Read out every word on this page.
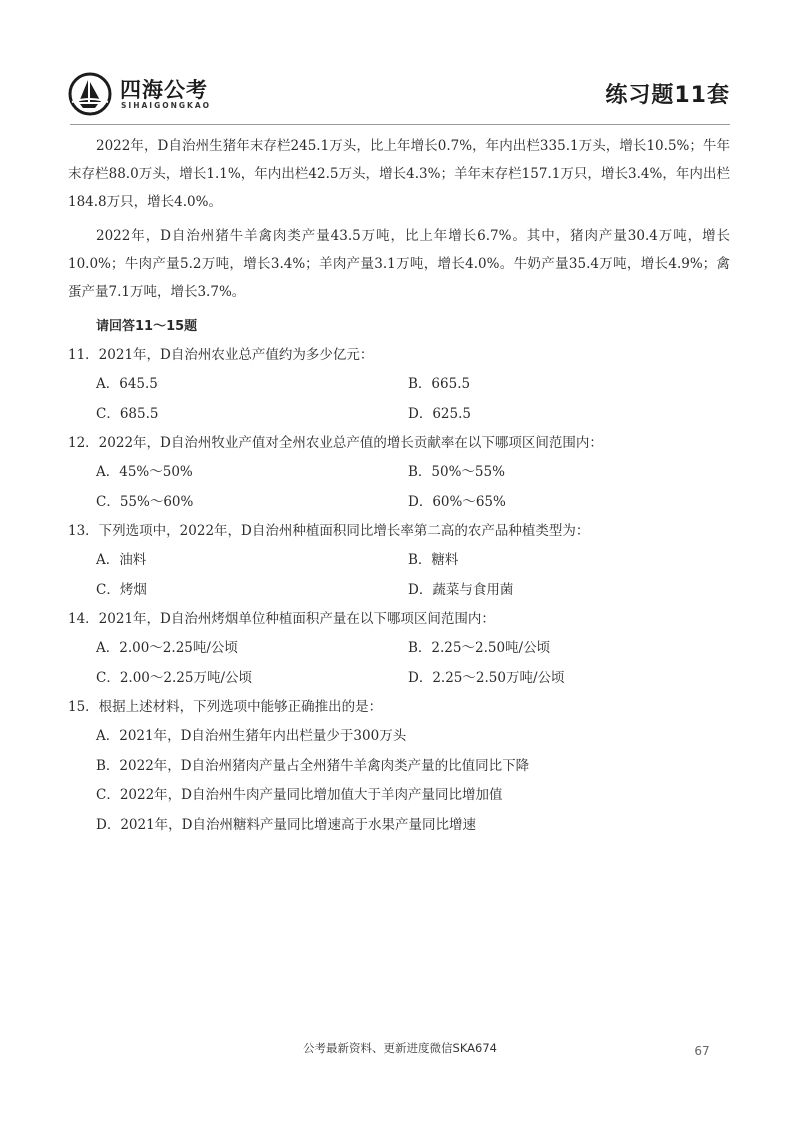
四海公考
SIHAIGONGKAO	练习题11套

2022年，D自治州生猪年末存栏245.1万头，比上年增长0.7%，年内出栏335.1万头，增长10.5%；牛年末存栏88.0万头，增长1.1%，年内出栏42.5万头，增长4.3%；羊年末存栏157.1万只，增长3.4%，年内出栏184.8万只，增长4.0%。

2022年，D自治州猪牛羊禽肉类产量43.5万吨，比上年增长6.7%。其中，猪肉产量30.4万吨，增长10.0%；牛肉产量5.2万吨，增长3.4%；羊肉产量3.1万吨，增长4.0%。牛奶产量35.4万吨，增长4.9%；禽蛋产量7.1万吨，增长3.7%。

请回答11～15题
11．2021年，D自治州农业总产值约为多少亿元：
A．645.5	B．665.5
C．685.5	D．625.5
12．2022年，D自治州牧业产值对全州农业总产值的增长贡献率在以下哪项区间范围内：
A．45%～50%	B．50%～55%
C．55%～60%	D．60%～65%
13．下列选项中，2022年，D自治州种植面积同比增长率第二高的农产品种植类型为：
A．油料	B．糖料
C．烤烟	D．蔬菜与食用菌
14．2021年，D自治州烤烟单位种植面积产量在以下哪项区间范围内：
A．2.00～2.25吨/公顷	B．2.25～2.50吨/公顷
C．2.00～2.25万吨/公顷	D．2.25～2.50万吨/公顷
15．根据上述材料，下列选项中能够正确推出的是：
A．2021年，D自治州生猪年内出栏量少于300万头
B．2022年，D自治州猪肉产量占全州猪牛羊禽肉类产量的比值同比下降
C．2022年，D自治州牛肉产量同比增加值大于羊肉产量同比增加值
D．2021年，D自治州糖料产量同比增速高于水果产量同比增速
公考最新资料、更新进度微信SKA674	67
